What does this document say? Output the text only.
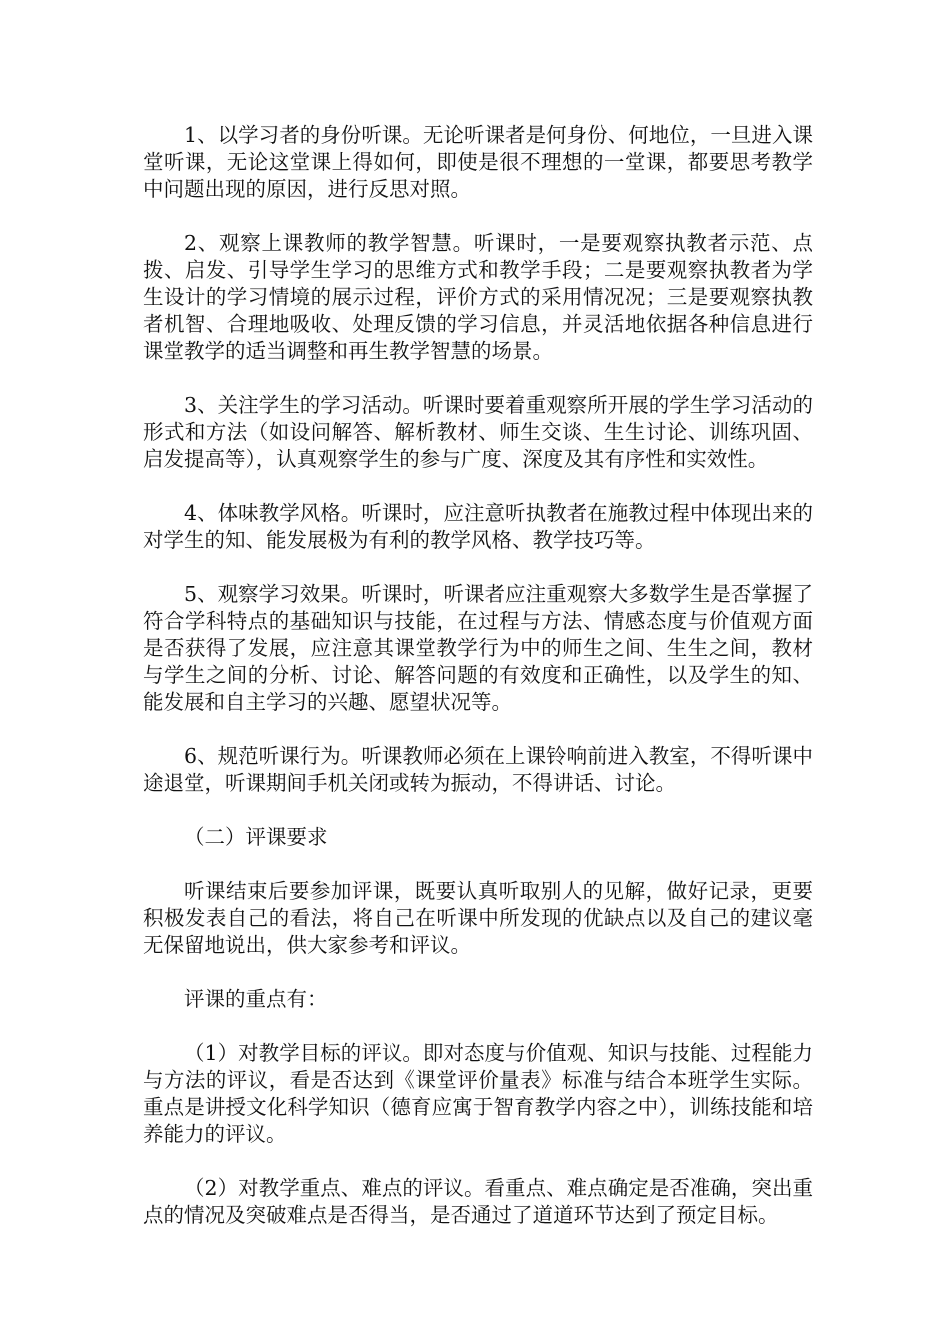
1、以学习者的身份听课。无论听课者是何身份、何地位，一旦进入课堂听课，无论这堂课上得如何，即使是很不理想的一堂课，都要思考教学中问题出现的原因，进行反思对照。

2、观察上课教师的教学智慧。听课时，一是要观察执教者示范、点拨、启发、引导学生学习的思维方式和教学手段；二是要观察执教者为学生设计的学习情境的展示过程，评价方式的采用情况况；三是要观察执教者机智、合理地吸收、处理反馈的学习信息，并灵活地依据各种信息进行课堂教学的适当调整和再生教学智慧的场景。

3、关注学生的学习活动。听课时要着重观察所开展的学生学习活动的形式和方法（如设问解答、解析教材、师生交谈、生生讨论、训练巩固、启发提高等），认真观察学生的参与广度、深度及其有序性和实效性。

4、体味教学风格。听课时，应注意听执教者在施教过程中体现出来的对学生的知、能发展极为有利的教学风格、教学技巧等。

5、观察学习效果。听课时，听课者应注重观察大多数学生是否掌握了符合学科特点的基础知识与技能，在过程与方法、情感态度与价值观方面是否获得了发展，应注意其课堂教学行为中的师生之间、生生之间，教材与学生之间的分析、讨论、解答问题的有效度和正确性，以及学生的知、能发展和自主学习的兴趣、愿望状况等。

6、规范听课行为。听课教师必须在上课铃响前进入教室，不得听课中途退堂，听课期间手机关闭或转为振动，不得讲话、讨论。

（二）评课要求

听课结束后要参加评课，既要认真听取别人的见解，做好记录，更要积极发表自己的看法，将自己在听课中所发现的优缺点以及自己的建议毫无保留地说出，供大家参考和评议。

评课的重点有：

（1）对教学目标的评议。即对态度与价值观、知识与技能、过程能力与方法的评议，看是否达到《课堂评价量表》标准与结合本班学生实际。重点是讲授文化科学知识（德育应寓于智育教学内容之中），训练技能和培养能力的评议。

（2）对教学重点、难点的评议。看重点、难点确定是否准确，突出重点的情况及突破难点是否得当，是否通过了道道环节达到了预定目标。
